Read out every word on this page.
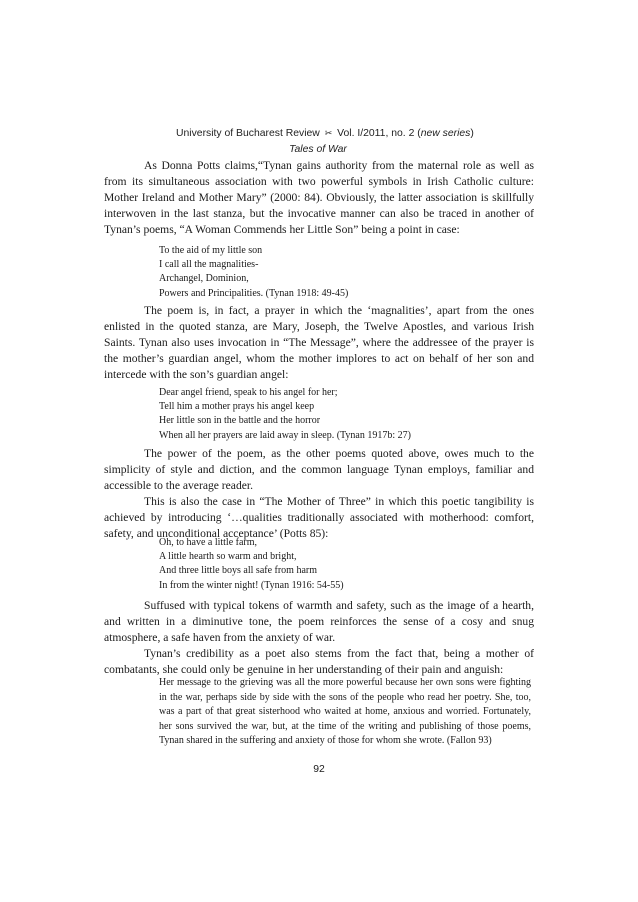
University of Bucharest Review ✂ Vol. I/2011, no. 2 (new series)
Tales of War

As Donna Potts claims,“Tynan gains authority from the maternal role as well as from its simultaneous association with two powerful symbols in Irish Catholic culture: Mother Ireland and Mother Mary” (2000: 84). Obviously, the latter association is skillfully interwoven in the last stanza, but the invocative manner can also be traced in another of Tynan’s poems, “A Woman Commends her Little Son” being a point in case:

To the aid of my little son
I call all the magnalities-
Archangel, Dominion,
Powers and Principalities. (Tynan 1918: 49-45)

The poem is, in fact, a prayer in which the ‘magnalities’, apart from the ones enlisted in the quoted stanza, are Mary, Joseph, the Twelve Apostles, and various Irish Saints. Tynan also uses invocation in “The Message”, where the addressee of the prayer is the mother’s guardian angel, whom the mother implores to act on behalf of her son and intercede with the son’s guardian angel:

Dear angel friend, speak to his angel for her;
Tell him a mother prays his angel keep
Her little son in the battle and the horror
When all her prayers are laid away in sleep. (Tynan 1917b: 27)

The power of the poem, as the other poems quoted above, owes much to the simplicity of style and diction, and the common language Tynan employs, familiar and accessible to the average reader.

This is also the case in “The Mother of Three” in which this poetic tangibility is achieved by introducing ‘…qualities traditionally associated with motherhood: comfort, safety, and unconditional acceptance’ (Potts 85):

Oh, to have a little farm,
A little hearth so warm and bright,
And three little boys all safe from harm
In from the winter night! (Tynan 1916: 54-55)

Suffused with typical tokens of warmth and safety, such as the image of a hearth, and written in a diminutive tone, the poem reinforces the sense of a cosy and snug atmosphere, a safe haven from the anxiety of war.

Tynan’s credibility as a poet also stems from the fact that, being a mother of combatants, she could only be genuine in her understanding of their pain and anguish:

Her message to the grieving was all the more powerful because her own sons were fighting in the war, perhaps side by side with the sons of the people who read her poetry. She, too, was a part of that great sisterhood who waited at home, anxious and worried. Fortunately, her sons survived the war, but, at the time of the writing and publishing of those poems, Tynan shared in the suffering and anxiety of those for whom she wrote. (Fallon 93)
92
